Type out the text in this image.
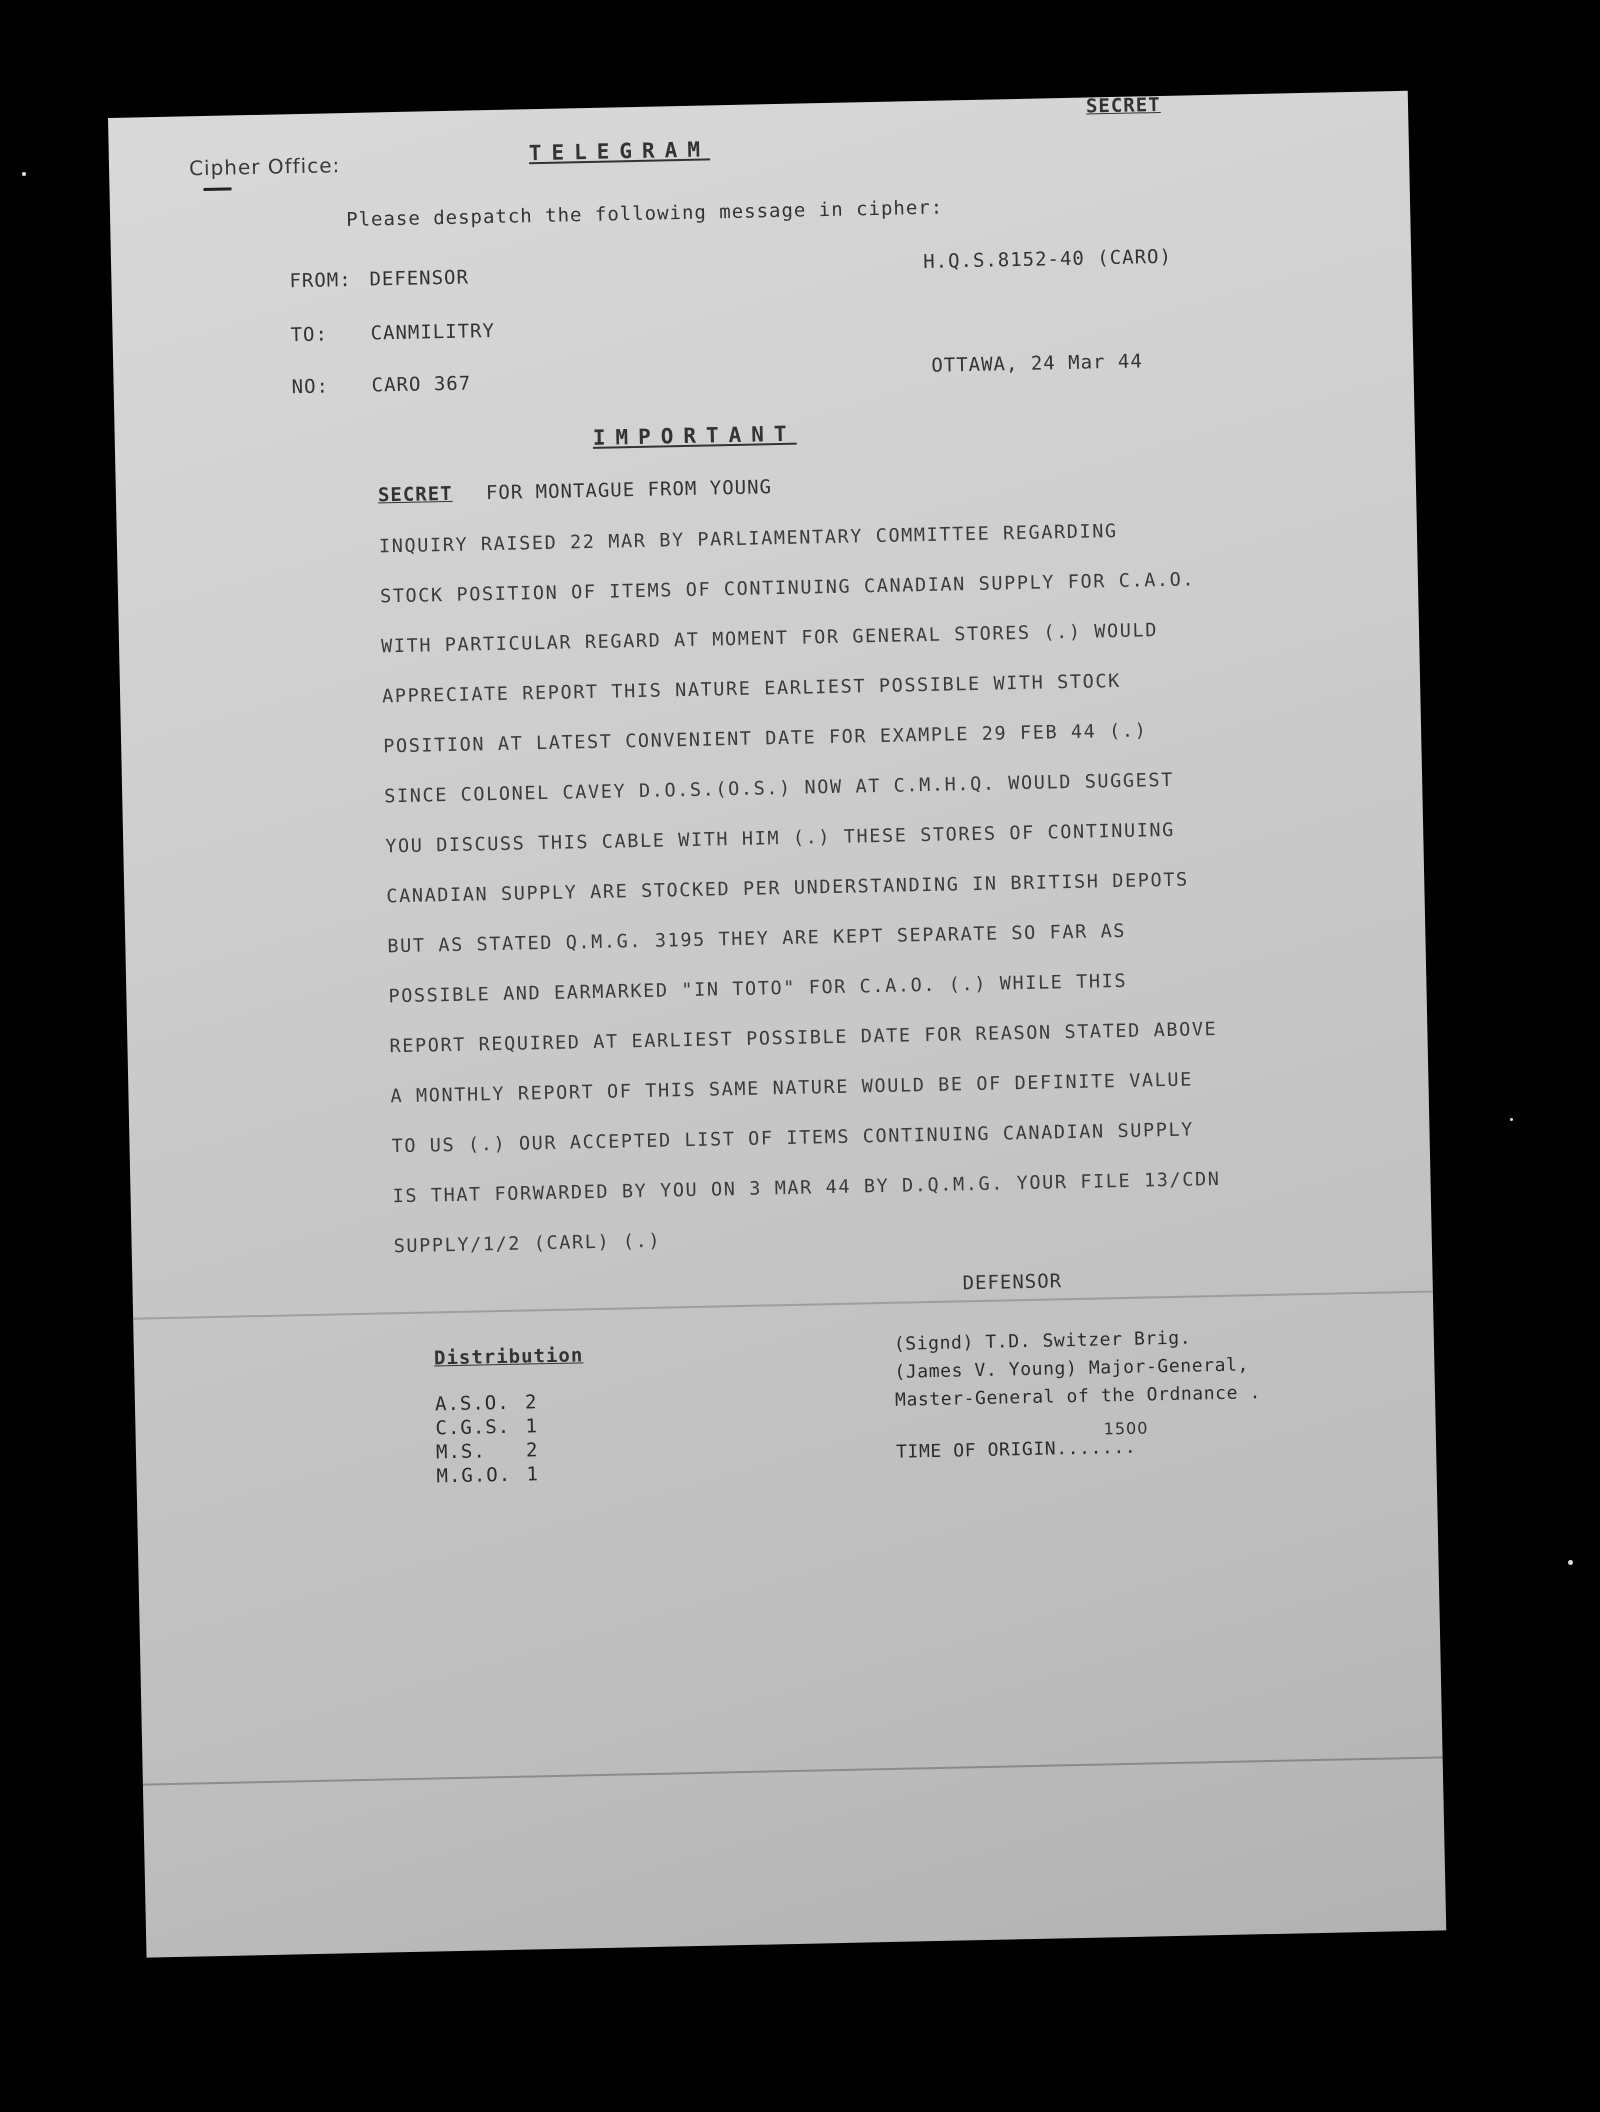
SECRET
Cipher Office:
TELEGRAM
Please despatch the following message in cipher:
FROM: DEFENSOR
H.Q.S.8152-40 (CARO)
TO: CANMILITRY
NO: CARO 367
OTTAWA, 24 Mar 44
IMPORTANT
SECRET FOR MONTAGUE FROM YOUNG
INQUIRY RAISED 22 MAR BY PARLIAMENTARY COMMITTEE REGARDING
STOCK POSITION OF ITEMS OF CONTINUING CANADIAN SUPPLY FOR C.A.O.
WITH PARTICULAR REGARD AT MOMENT FOR GENERAL STORES (.) WOULD
APPRECIATE REPORT THIS NATURE EARLIEST POSSIBLE WITH STOCK
POSITION AT LATEST CONVENIENT DATE FOR EXAMPLE 29 FEB 44 (.)
SINCE COLONEL CAVEY D.O.S.(O.S.) NOW AT C.M.H.Q. WOULD SUGGEST
YOU DISCUSS THIS CABLE WITH HIM (.) THESE STORES OF CONTINUING
CANADIAN SUPPLY ARE STOCKED PER UNDERSTANDING IN BRITISH DEPOTS
BUT AS STATED Q.M.G. 3195 THEY ARE KEPT SEPARATE SO FAR AS
POSSIBLE AND EARMARKED "IN TOTO" FOR C.A.O. (.) WHILE THIS
REPORT REQUIRED AT EARLIEST POSSIBLE DATE FOR REASON STATED ABOVE
A MONTHLY REPORT OF THIS SAME NATURE WOULD BE OF DEFINITE VALUE
TO US (.) OUR ACCEPTED LIST OF ITEMS CONTINUING CANADIAN SUPPLY
IS THAT FORWARDED BY YOU ON 3 MAR 44 BY D.Q.M.G. YOUR FILE 13/CDN
SUPPLY/1/2 (CARL) (.)
DEFENSOR
Distribution
A.S.O. 2
C.G.S. 1
M.S. 2
M.G.O. 1
(Signd) T.D. Switzer Brig.
(James V. Young) Major-General,
Master-General of the Ordnance .
TIME OF ORIGIN.......
1500
